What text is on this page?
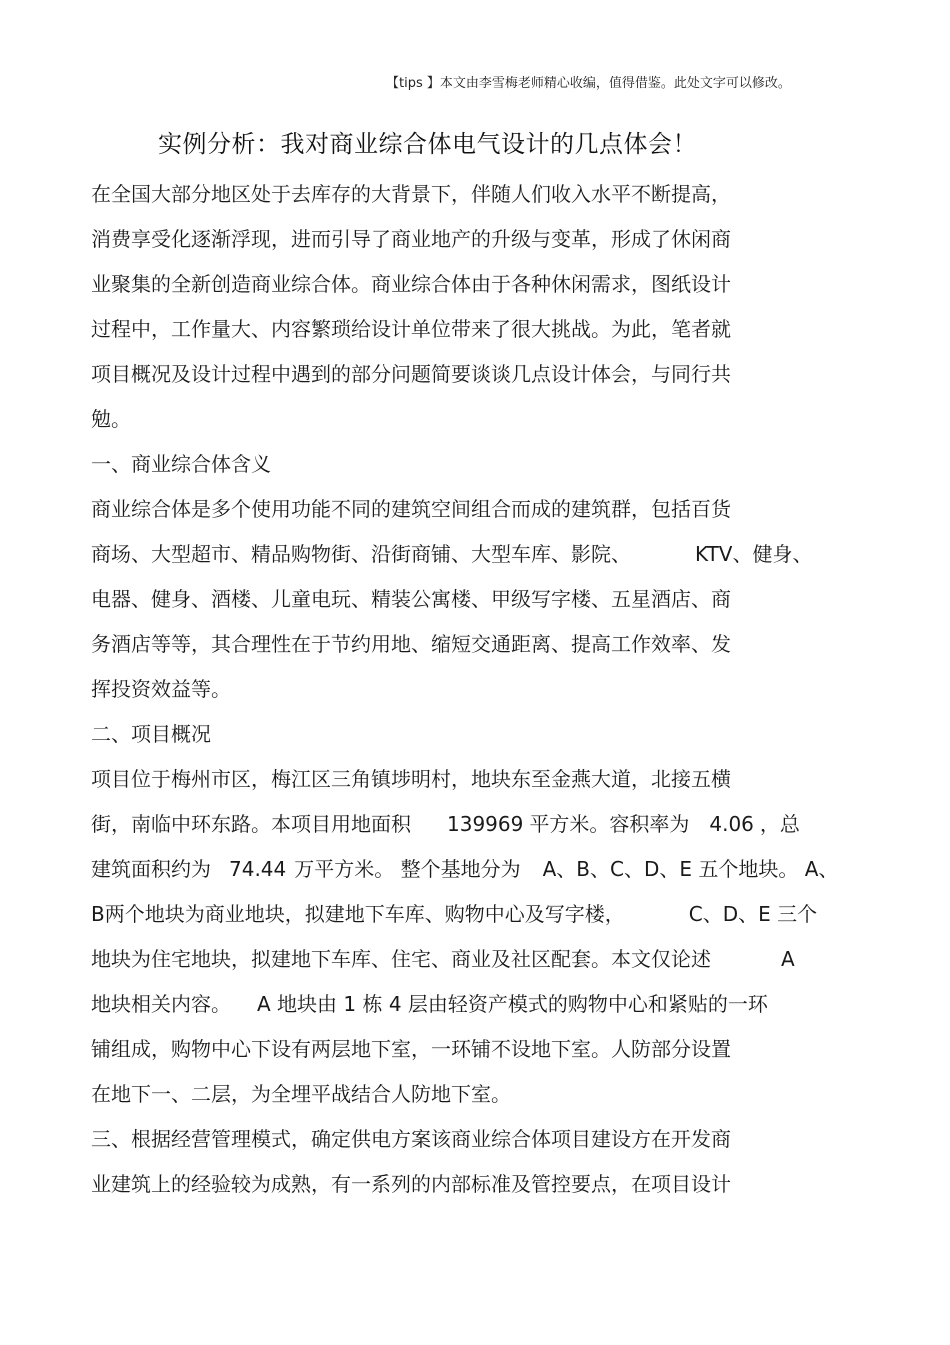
【tips 】本文由李雪梅老师精心收编，值得借鉴。此处文字可以修改。
实例分析：我对商业综合体电气设计的几点体会！
在全国大部分地区处于去库存的大背景下，伴随人们收入水平不断提高，
消费享受化逐渐浮现，进而引导了商业地产的升级与变革，形成了休闲商
业聚集的全新创造商业综合体。商业综合体由于各种休闲需求，图纸设计
过程中，工作量大、内容繁琐给设计单位带来了很大挑战。为此，笔者就
项目概况及设计过程中遇到的部分问题简要谈谈几点设计体会，与同行共
勉。
一、商业综合体含义
商业综合体是多个使用功能不同的建筑空间组合而成的建筑群，包括百货
商场、大型超市、精品购物街、沿街商铺、大型车库、影院、	KTV、健身、
电器、健身、酒楼、儿童电玩、精装公寓楼、甲级写字楼、五星酒店、商
务酒店等等，其合理性在于节约用地、缩短交通距离、提高工作效率、发
挥投资效益等。
二、项目概况
项目位于梅州市区，梅江区三角镇埗明村，地块东至金燕大道，北接五横
街，南临中环东路。本项目用地面积 139969 平方米。容积率为 4.06 ，总
建筑面积约为 74.44 万平方米。 整个基地分为 A、B、C、D、E 五个地块。 A、
B两个地块为商业地块，拟建地下车库、购物中心及写字楼，	C、D、E 三个
地块为住宅地块，拟建地下车库、住宅、商业及社区配套。本文仅论述	A
地块相关内容。 A 地块由 1 栋 4 层由轻资产模式的购物中心和紧贴的一环
铺组成，购物中心下设有两层地下室，一环铺不设地下室。人防部分设置
在地下一、二层，为全埋平战结合人防地下室。
三、根据经营管理模式，确定供电方案该商业综合体项目建设方在开发商
业建筑上的经验较为成熟，有一系列的内部标准及管控要点，在项目设计
